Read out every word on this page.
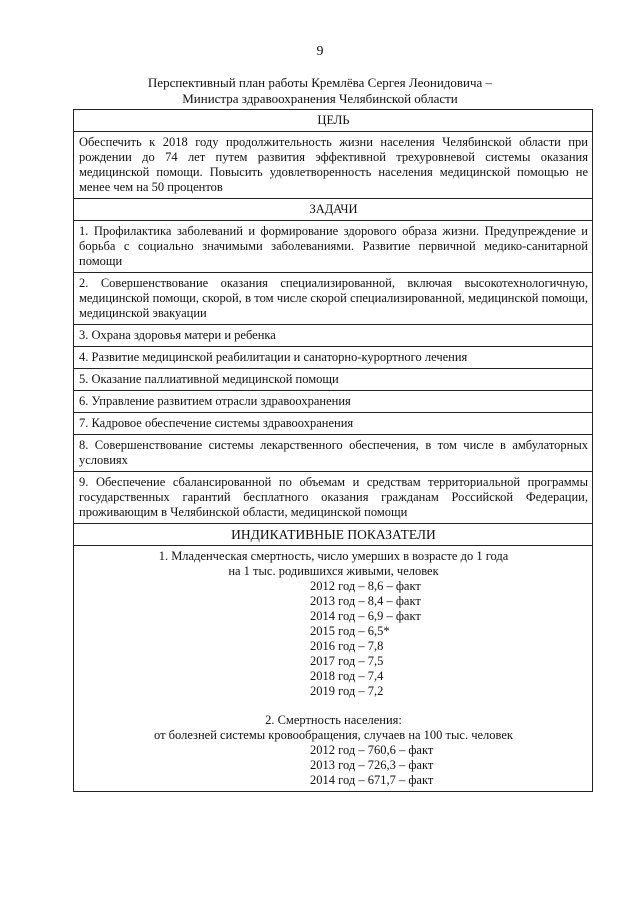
9
Перспективный план работы Кремлёва Сергея Леонидовича –
Министра здравоохранения Челябинской области
ЦЕЛЬ
Обеспечить к 2018 году продолжительность жизни населения Челябинской области при рождении до 74 лет путем развития эффективной трехуровневой системы оказания медицинской помощи. Повысить удовлетворенность населения медицинской помощью не менее чем на 50 процентов
ЗАДАЧИ
1. Профилактика заболеваний и формирование здорового образа жизни. Предупреждение и борьба с социально значимыми заболеваниями. Развитие первичной медико-санитарной помощи
2. Совершенствование оказания специализированной, включая высокотехнологичную, медицинской помощи, скорой, в том числе скорой специализированной, медицинской помощи, медицинской эвакуации
3. Охрана здоровья матери и ребенка
4. Развитие медицинской реабилитации и санаторно-курортного лечения
5. Оказание паллиативной медицинской помощи
6. Управление развитием отрасли здравоохранения
7. Кадровое обеспечение системы здравоохранения
8. Совершенствование системы лекарственного обеспечения, в том числе в амбулаторных условиях
9. Обеспечение сбалансированной по объемам и средствам территориальной программы государственных гарантий бесплатного оказания гражданам Российской Федерации, проживающим в Челябинской области, медицинской помощи
ИНДИКАТИВНЫЕ ПОКАЗАТЕЛИ

1. Младенческая смертность, число умерших в возрасте до 1 года
на 1 тыс. родившихся живыми, человек
2012 год – 8,6 – факт
2013 год – 8,4 – факт
2014 год – 6,9 – факт
2015 год – 6,5*
2016 год – 7,8
2017 год – 7,5
2018 год – 7,4
2019 год – 7,2
2. Смертность населения:
от болезней системы кровообращения, случаев на 100 тыс. человек
2012 год – 760,6 – факт
2013 год – 726,3 – факт
2014 год – 671,7 – факт
